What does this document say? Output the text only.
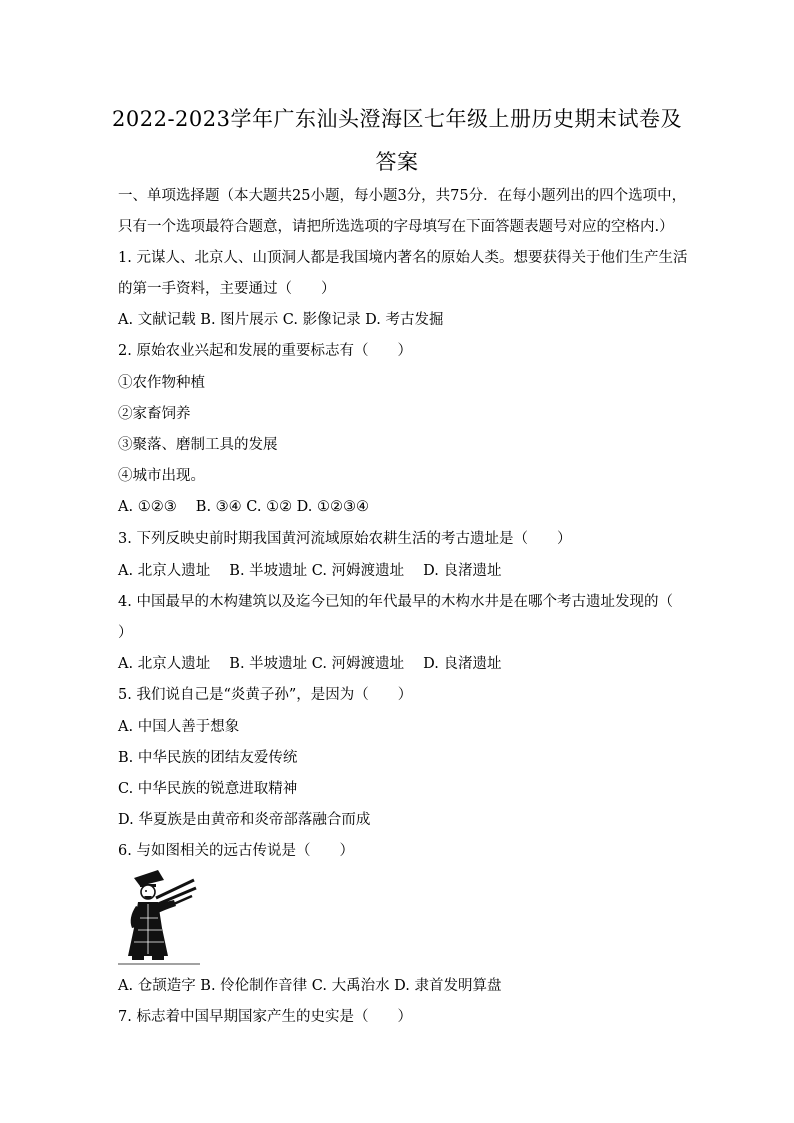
2022-2023学年广东汕头澄海区七年级上册历史期末试卷及
答案
一、单项选择题（本大题共25小题，每小题3分，共75分．在每小题列出的四个选项中，
只有一个选项最符合题意，请把所选选项的字母填写在下面答题表题号对应的空格内.）
1. 元谋人、北京人、山顶洞人都是我国境内著名的原始人类。想要获得关于他们生产生活
的第一手资料，主要通过（　　）
A. 文献记载 B. 图片展示 C. 影像记录 D. 考古发掘
2. 原始农业兴起和发展的重要标志有（　　）
①农作物种植
②家畜饲养
③聚落、磨制工具的发展
④城市出现。
A. ①②③　 B. ③④ C. ①② D. ①②③④
3. 下列反映史前时期我国黄河流域原始农耕生活的考古遗址是（　　）
A. 北京人遗址　 B. 半坡遗址 C. 河姆渡遗址　 D. 良渚遗址
4. 中国最早的木构建筑以及迄今已知的年代最早的木构水井是在哪个考古遗址发现的（
）
A. 北京人遗址　 B. 半坡遗址 C. 河姆渡遗址　 D. 良渚遗址
5. 我们说自己是“炎黄子孙”，是因为（　　）
A. 中国人善于想象
B. 中华民族的团结友爱传统
C. 中华民族的锐意进取精神
D. 华夏族是由黄帝和炎帝部落融合而成
6. 与如图相关的远古传说是（　　）
A. 仓颉造字 B. 伶伦制作音律 C. 大禹治水 D. 隶首发明算盘
7. 标志着中国早期国家产生的史实是（　　）
